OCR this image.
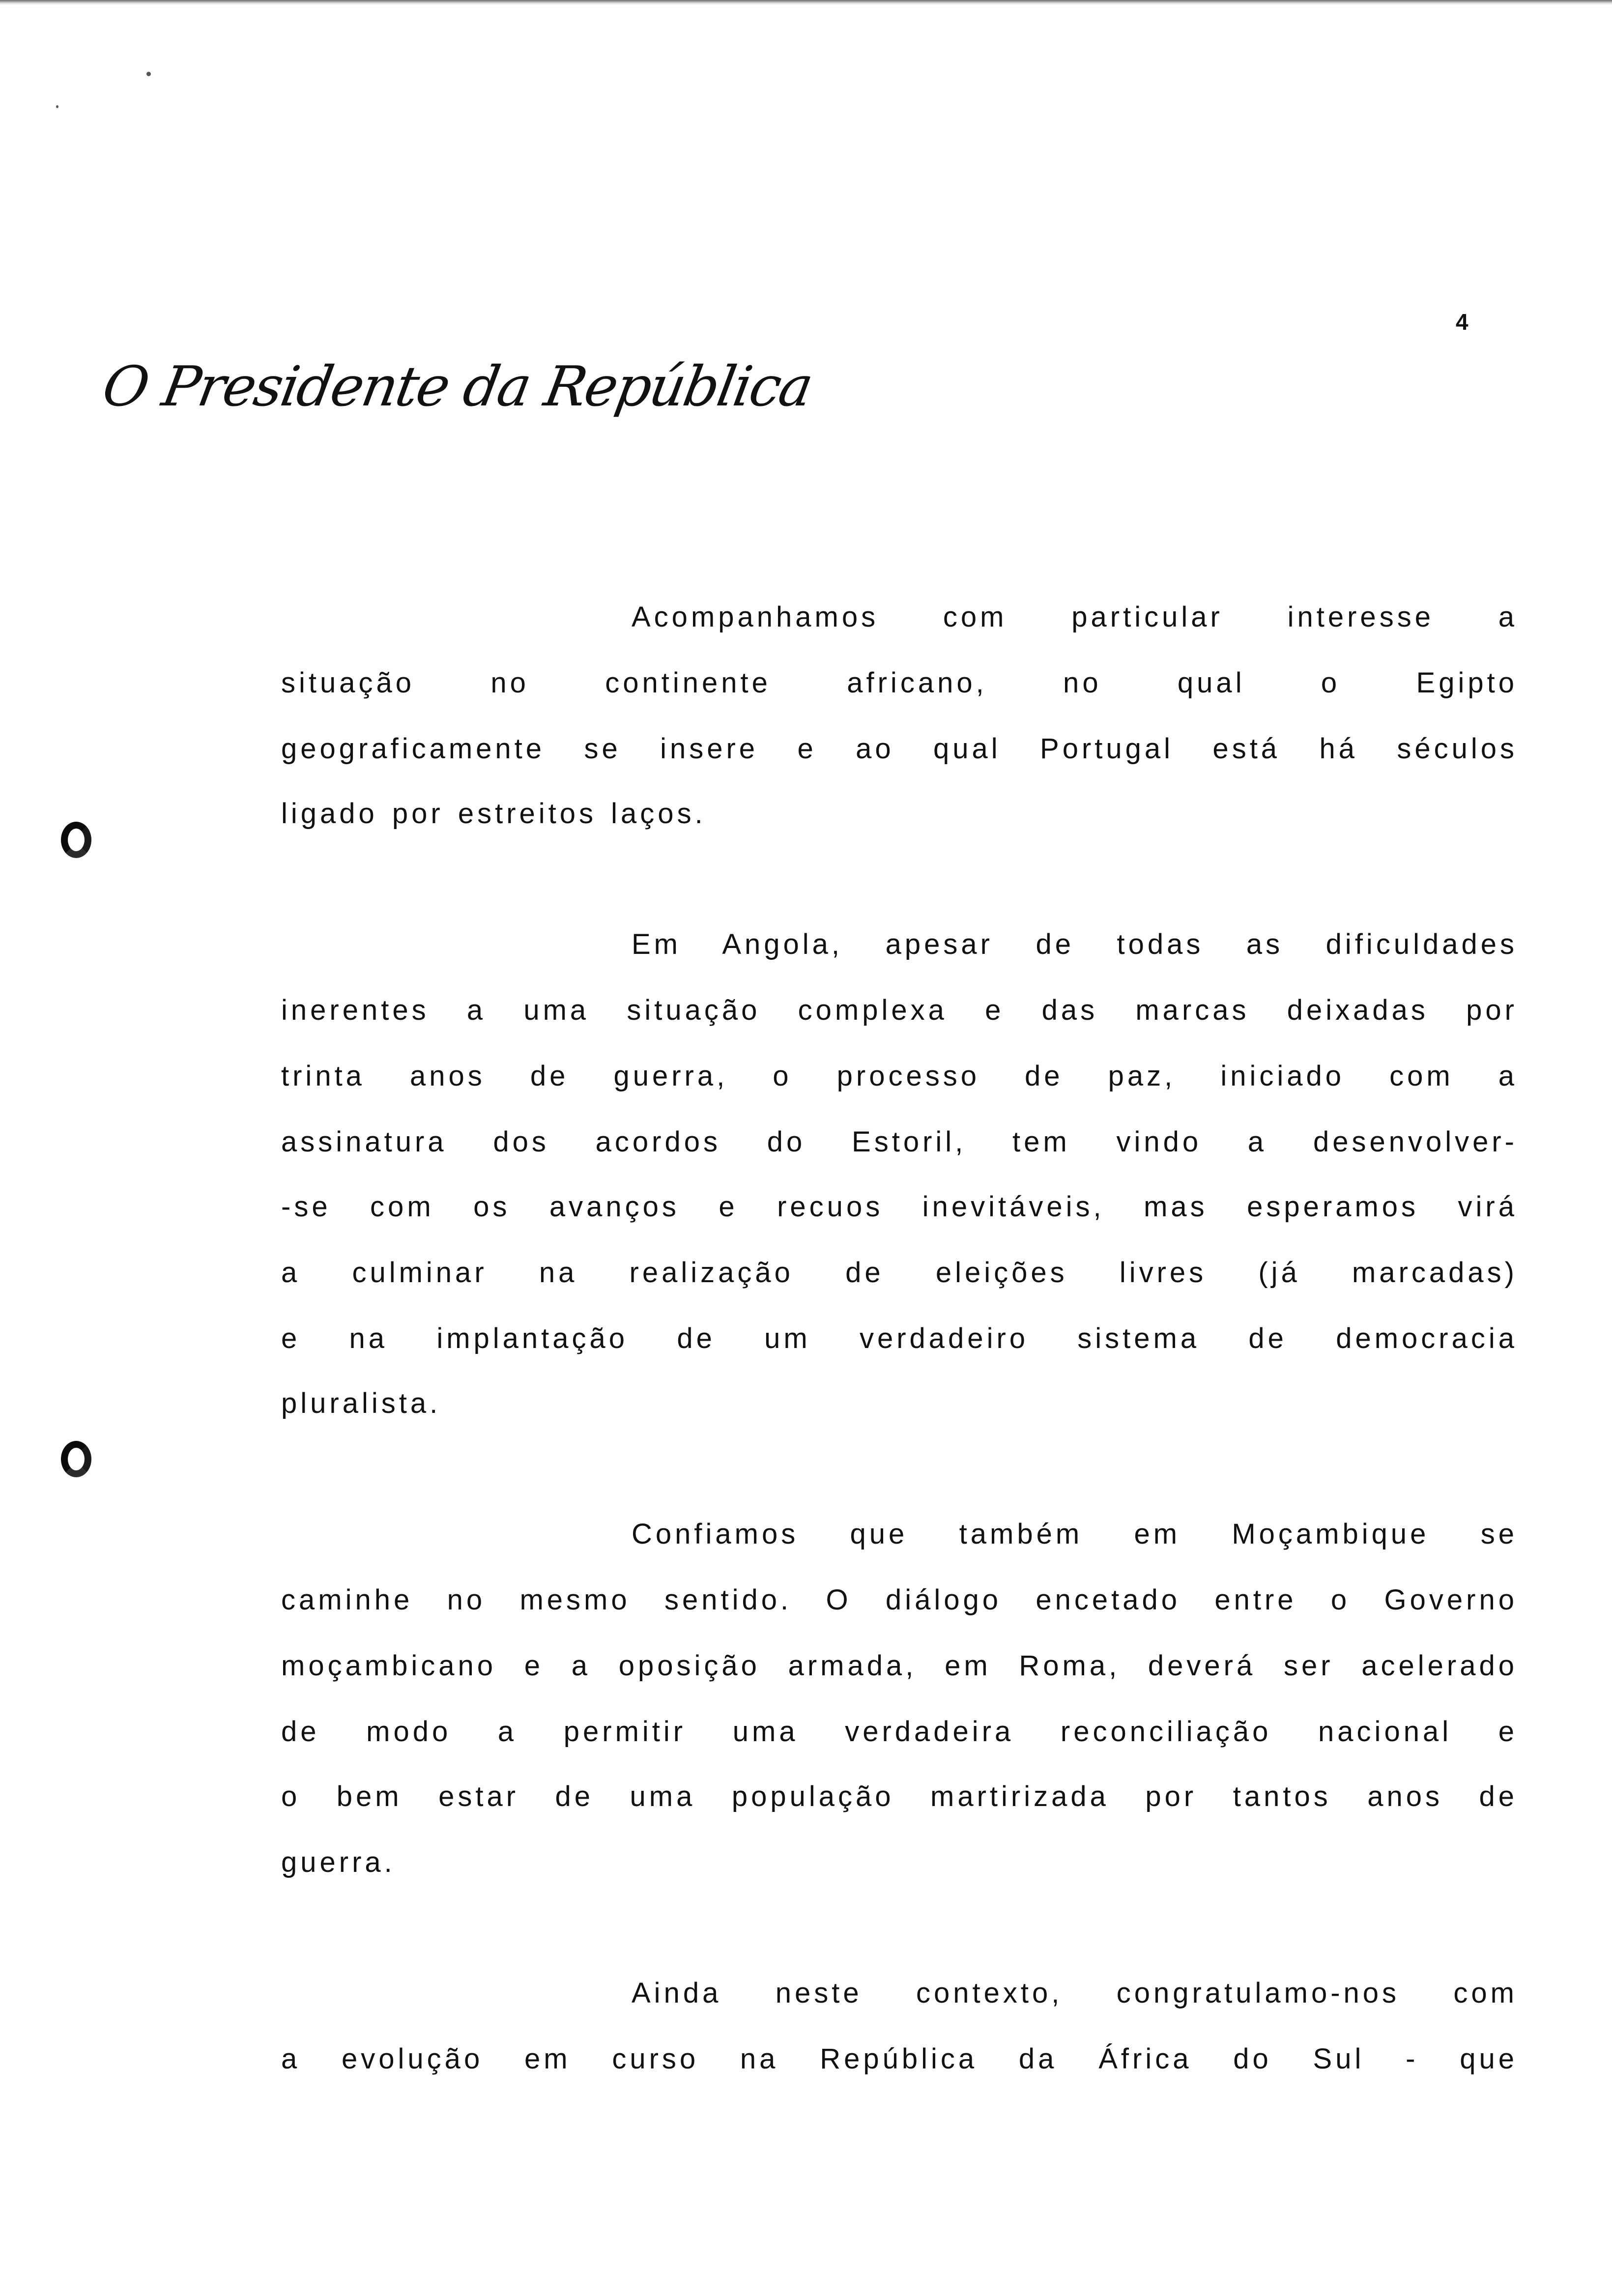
4
O Presidente da República
Acompanhamos com particular interesse a
situação no continente africano, no qual o Egipto
geograficamente se insere e ao qual Portugal está há séculos
ligado por estreitos laços.
Em Angola, apesar de todas as dificuldades
inerentes a uma situação complexa e das marcas deixadas por
trinta anos de guerra, o processo de paz, iniciado com a
assinatura dos acordos do Estoril, tem vindo a desenvolver-
-se com os avanços e recuos inevitáveis, mas esperamos virá
a culminar na realização de eleições livres (já marcadas)
e na implantação de um verdadeiro sistema de democracia
pluralista.
Confiamos que também em Moçambique se
caminhe no mesmo sentido. O diálogo encetado entre o Governo
moçambicano e a oposição armada, em Roma, deverá ser acelerado
de modo a permitir uma verdadeira reconciliação nacional e
o bem estar de uma população martirizada por tantos anos de
guerra.
Ainda neste contexto, congratulamo-nos com
a evolução em curso na República da África do Sul - que
